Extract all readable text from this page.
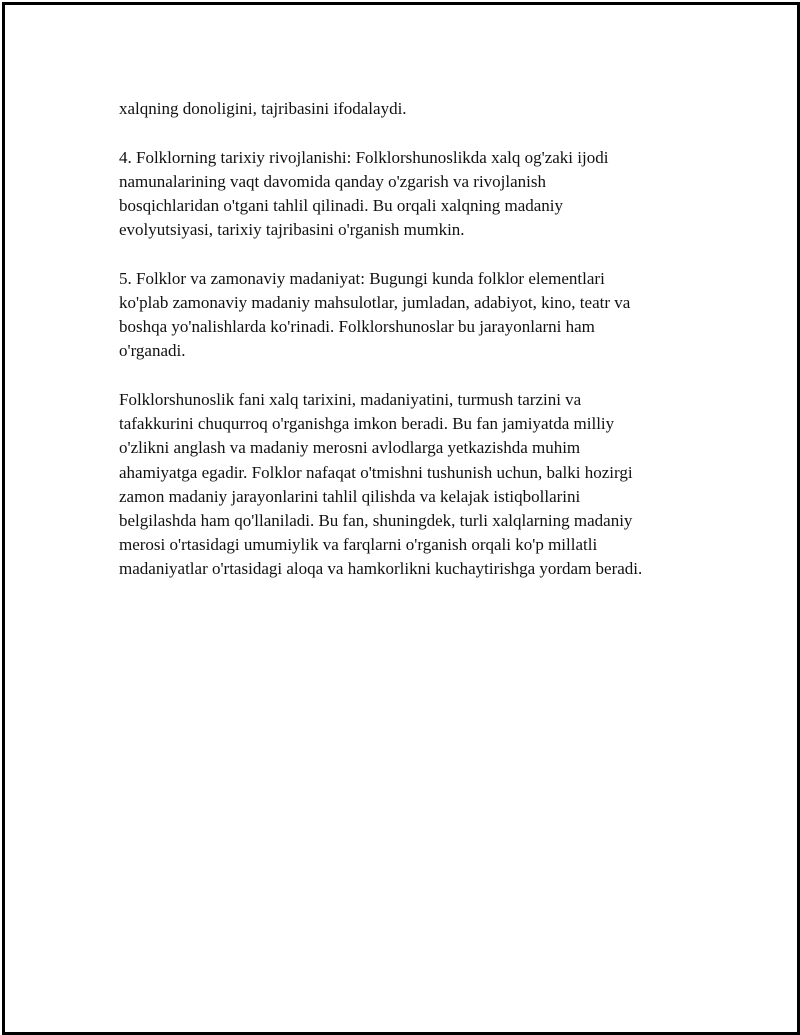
xalqning donoligini, tajribasini ifodalaydi.

4. Folklorning tarixiy rivojlanishi: Folklorshunoslikda xalq og'zaki ijodi
namunalarining vaqt davomida qanday o'zgarish va rivojlanish
bosqichlaridan o'tgani tahlil qilinadi. Bu orqali xalqning madaniy
evolyutsiyasi, tarixiy tajribasini o'rganish mumkin.

5. Folklor va zamonaviy madaniyat: Bugungi kunda folklor elementlari
ko'plab zamonaviy madaniy mahsulotlar, jumladan, adabiyot, kino, teatr va
boshqa yo'nalishlarda ko'rinadi. Folklorshunoslar bu jarayonlarni ham
o'rganadi.

Folklorshunoslik fani xalq tarixini, madaniyatini, turmush tarzini va
tafakkurini chuqurroq o'rganishga imkon beradi. Bu fan jamiyatda milliy
o'zlikni anglash va madaniy merosni avlodlarga yetkazishda muhim
ahamiyatga egadir. Folklor nafaqat o'tmishni tushunish uchun, balki hozirgi
zamon madaniy jarayonlarini tahlil qilishda va kelajak istiqbollarini
belgilashda ham qo'llaniladi. Bu fan, shuningdek, turli xalqlarning madaniy
merosi o'rtasidagi umumiylik va farqlarni o'rganish orqali ko'p millatli
madaniyatlar o'rtasidagi aloqa va hamkorlikni kuchaytirishga yordam beradi.
